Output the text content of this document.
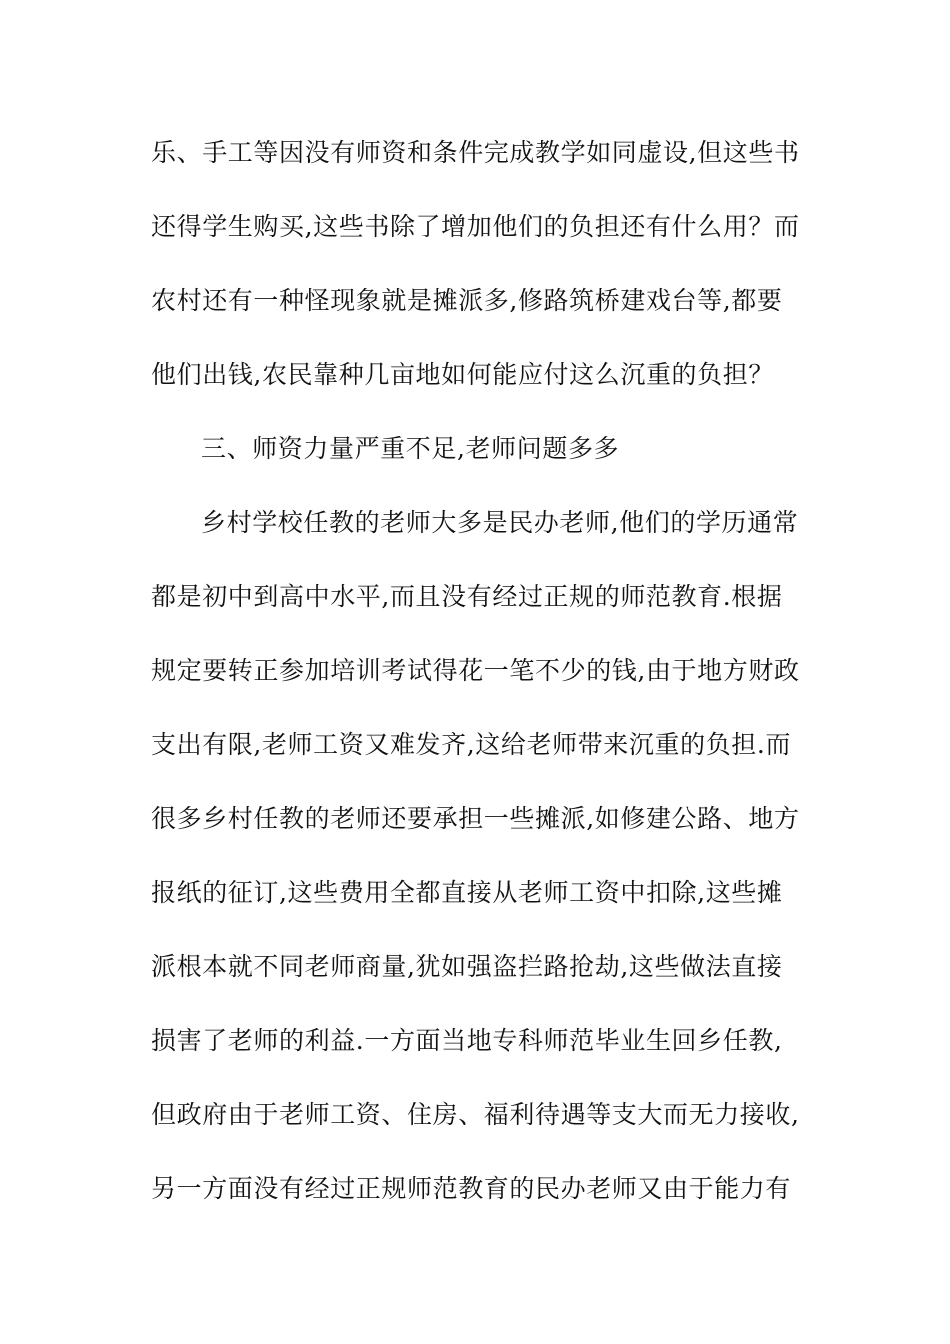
乐、手工等因没有师资和条件完成教学如同虚设,但这些书
还得学生购买,这些书除了增加他们的负担还有什么用？而
农村还有一种怪现象就是摊派多,修路筑桥建戏台等,都要
他们出钱,农民靠种几亩地如何能应付这么沉重的负担？
三、师资力量严重不足,老师问题多多
乡村学校任教的老师大多是民办老师,他们的学历通常
都是初中到高中水平,而且没有经过正规的师范教育.根据
规定要转正参加培训考试得花一笔不少的钱,由于地方财政
支出有限,老师工资又难发齐,这给老师带来沉重的负担.而
很多乡村任教的老师还要承担一些摊派,如修建公路、地方
报纸的征订,这些费用全都直接从老师工资中扣除,这些摊
派根本就不同老师商量,犹如强盗拦路抢劫,这些做法直接
损害了老师的利益.一方面当地专科师范毕业生回乡任教,
但政府由于老师工资、住房、福利待遇等支大而无力接收,
另一方面没有经过正规师范教育的民办老师又由于能力有
